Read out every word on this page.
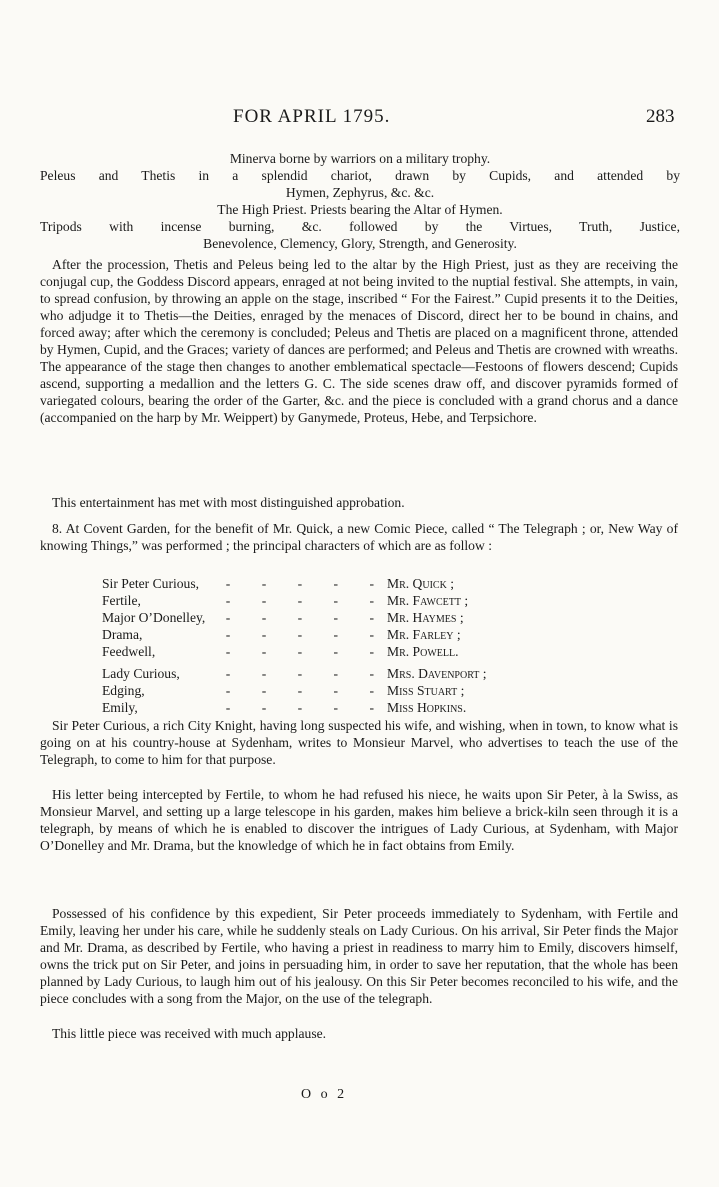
FOR APRIL 1795.	283
Minerva borne by warriors on a military trophy.
Peleus and Thetis in a splendid chariot, drawn by Cupids, and attended by
Hymen, Zephyrus, &c. &c.
The High Priest. Priests bearing the Altar of Hymen.
Tripods with incense burning, &c. followed by the Virtues, Truth, Justice,
Benevolence, Clemency, Glory, Strength, and Generosity.
After the procession, Thetis and Peleus being led to the altar by the High Priest, just as they are receiving the conjugal cup, the Goddess Discord appears, enraged at not being invited to the nuptial festival. She attempts, in vain, to spread confusion, by throwing an apple on the stage, inscribed “ For the Fairest.” Cupid presents it to the Deities, who adjudge it to Thetis—the Deities, enraged by the menaces of Discord, direct her to be bound in chains, and forced away; after which the ceremony is concluded; Peleus and Thetis are placed on a magnificent throne, attended by Hymen, Cupid, and the Graces; variety of dances are performed; and Peleus and Thetis are crowned with wreaths. The appearance of the stage then changes to another emblematical spectacle—Festoons of flowers descend; Cupids ascend, supporting a medallion and the letters G. C. The side scenes draw off, and discover pyramids formed of variegated colours, bearing the order of the Garter, &c. and the piece is concluded with a grand chorus and a dance (accompanied on the harp by Mr. Weippert) by Ganymede, Proteus, Hebe, and Terpsichore.
This entertainment has met with most distinguished approbation.
8. At Covent Garden, for the benefit of Mr. Quick, a new Comic Piece, called “ The Telegraph ; or, New Way of knowing Things,” was performed ; the principal characters of which are as follow :
Sir Peter Curious,	- - - - - Mr. Quick ;
Fertile,	- - - - - Mr. Fawcett ;
Major O’Donelley,	- - - - - Mr. Haymes ;
Drama,	- - - - - Mr. Farley ;
Feedwell,	- - - - - Mr. Powell.
Lady Curious,	- - - - - Mrs. Davenport ;
Edging,	- - - - - Miss Stuart ;
Emily,	- - - - - Miss Hopkins.
Sir Peter Curious, a rich City Knight, having long suspected his wife, and wishing, when in town, to know what is going on at his country-house at Sydenham, writes to Monsieur Marvel, who advertises to teach the use of the Telegraph, to come to him for that purpose.
His letter being intercepted by Fertile, to whom he had refused his niece, he waits upon Sir Peter, à la Swiss, as Monsieur Marvel, and setting up a large telescope in his garden, makes him believe a brick-kiln seen through it is a telegraph, by means of which he is enabled to discover the intrigues of Lady Curious, at Sydenham, with Major O’Donelley and Mr. Drama, but the knowledge of which he in fact obtains from Emily.
Possessed of his confidence by this expedient, Sir Peter proceeds immediately to Sydenham, with Fertile and Emily, leaving her under his care, while he suddenly steals on Lady Curious. On his arrival, Sir Peter finds the Major and Mr. Drama, as described by Fertile, who having a priest in readiness to marry him to Emily, discovers himself, owns the trick put on Sir Peter, and joins in persuading him, in order to save her reputation, that the whole has been planned by Lady Curious, to laugh him out of his jealousy. On this Sir Peter becomes reconciled to his wife, and the piece concludes with a song from the Major, on the use of the telegraph.
This little piece was received with much applause.
O o 2
